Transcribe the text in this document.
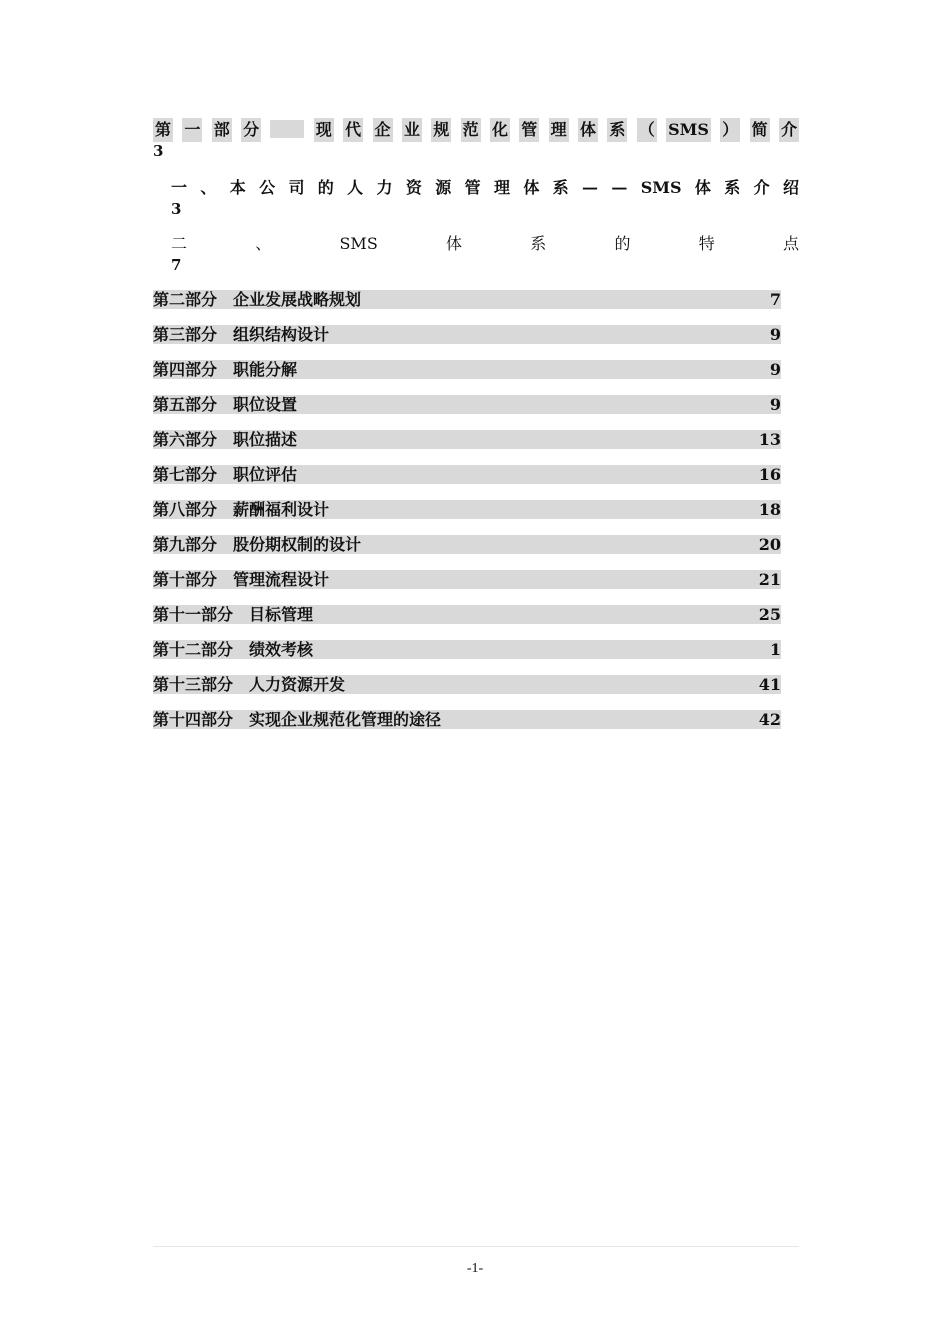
第 一 部 分	现 代 企 业 规 范 化 管 理 体 系 （ SMS ） 简 介
3
一 、 本 公 司 的 人 力 资 源 管 理 体 系 — — SMS 体 系 介 绍
3
二	、	SMS	体	系	的	特	点
7
第二部分　企业发展战略规划	7
第三部分　组织结构设计	9
第四部分　职能分解	9
第五部分　职位设置	9
第六部分　职位描述	13
第七部分　职位评估	16
第八部分　薪酬福利设计	18
第九部分　股份期权制的设计	20
第十部分　管理流程设计	21
第十一部分　目标管理	25
第十二部分　绩效考核	1
第十三部分　人力资源开发	41
第十四部分　实现企业规范化管理的途径	42
-1-
